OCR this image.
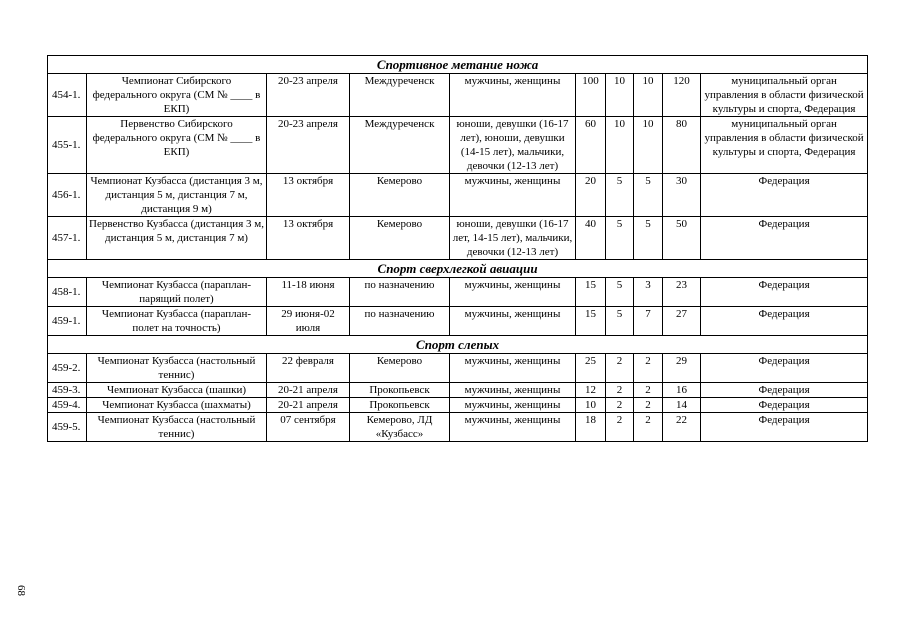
Спортивное метание ножа									
454-1.	Чемпионат Сибирского федерального округа (СМ № ____ в ЕКП)	20-23 апреля	Междуреченск	мужчины, женщины	100	10	10	120	муниципальный орган управления в области физической культуры и спорта, Федерация
455-1.	Первенство Сибирского федерального округа (СМ № ____ в ЕКП)	20-23 апреля	Междуреченск	юноши, девушки (16-17 лет), юноши, девушки (14-15 лет), мальчики, девочки (12-13 лет)	60	10	10	80	муниципальный орган управления в области физической культуры и спорта, Федерация
456-1.	Чемпионат Кузбасса (дистанция 3 м, дистанция 5 м, дистанция 7 м, дистанция 9 м)	13 октября	Кемерово	мужчины, женщины	20	5	5	30	Федерация
457-1.	Первенство Кузбасса (дистанция 3 м, дистанция 5 м, дистанция 7 м)	13 октября	Кемерово	юноши, девушки (16-17 лет, 14-15 лет), мальчики, девочки (12-13 лет)	40	5	5	50	Федерация
Спорт сверхлегкой авиации									
458-1.	Чемпионат Кузбасса (параплан-парящий полет)	11-18 июня	по назначению	мужчины, женщины	15	5	3	23	Федерация
459-1.	Чемпионат Кузбасса (параплан-полет на точность)	29 июня-02 июля	по назначению	мужчины, женщины	15	5	7	27	Федерация
Спорт слепых									
459-2.	Чемпионат Кузбасса (настольный теннис)	22 февраля	Кемерово	мужчины, женщины	25	2	2	29	Федерация
459-3.	Чемпионат Кузбасса (шашки)	20-21 апреля	Прокопьевск	мужчины, женщины	12	2	2	16	Федерация
459-4.	Чемпионат Кузбасса (шахматы)	20-21 апреля	Прокопьевск	мужчины, женщины	10	2	2	14	Федерация
459-5.	Чемпионат Кузбасса (настольный теннис)	07 сентября	Кемерово, ЛД «Кузбасс»	мужчины, женщины	18	2	2	22	Федерация
68
